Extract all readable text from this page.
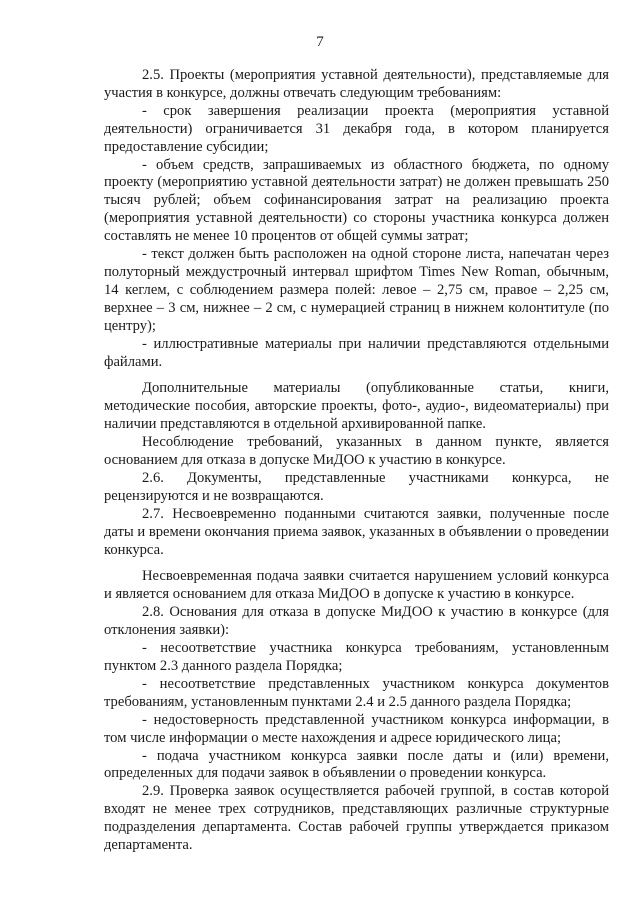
7

2.5. Проекты (мероприятия уставной деятельности), представляемые для участия в конкурсе, должны отвечать следующим требованиям:

- срок завершения реализации проекта (мероприятия уставной деятельности) ограничивается 31 декабря года, в котором планируется предоставление субсидии;

- объем средств, запрашиваемых из областного бюджета, по одному проекту (мероприятию уставной деятельности затрат) не должен превышать 250 тысяч рублей; объем софинансирования затрат на реализацию проекта (мероприятия уставной деятельности) со стороны участника конкурса должен составлять не менее 10 процентов от общей суммы затрат;

- текст должен быть расположен на одной стороне листа, напечатан через полуторный междустрочный интервал шрифтом Times New Roman, обычным, 14 кеглем, с соблюдением размера полей: левое – 2,75 см, правое – 2,25 см, верхнее – 3 см, нижнее – 2 см, с нумерацией страниц в нижнем колонтитуле (по центру);

- иллюстративные материалы при наличии представляются отдельными файлами.

Дополнительные материалы (опубликованные статьи, книги, методические пособия, авторские проекты, фото-, аудио-, видеоматериалы) при наличии представляются в отдельной архивированной папке.

Несоблюдение требований, указанных в данном пункте, является основанием для отказа в допуске МиДОО к участию в конкурсе.

2.6. Документы, представленные участниками конкурса, не рецензируются и не возвращаются.

2.7. Несвоевременно поданными считаются заявки, полученные после даты и времени окончания приема заявок, указанных в объявлении о проведении конкурса.

Несвоевременная подача заявки считается нарушением условий конкурса и является основанием для отказа МиДОО в допуске к участию в конкурсе.

2.8. Основания для отказа в допуске МиДОО к участию в конкурсе (для отклонения заявки):

- несоответствие участника конкурса требованиям, установленным пунктом 2.3 данного раздела Порядка;

- несоответствие представленных участником конкурса документов требованиям, установленным пунктами 2.4 и 2.5 данного раздела Порядка;

- недостоверность представленной участником конкурса информации, в том числе информации о месте нахождения и адресе юридического лица;

- подача участником конкурса заявки после даты и (или) времени, определенных для подачи заявок в объявлении о проведении конкурса.

2.9. Проверка заявок осуществляется рабочей группой, в состав которой входят не менее трех сотрудников, представляющих различные структурные подразделения департамента. Состав рабочей группы утверждается приказом департамента.
